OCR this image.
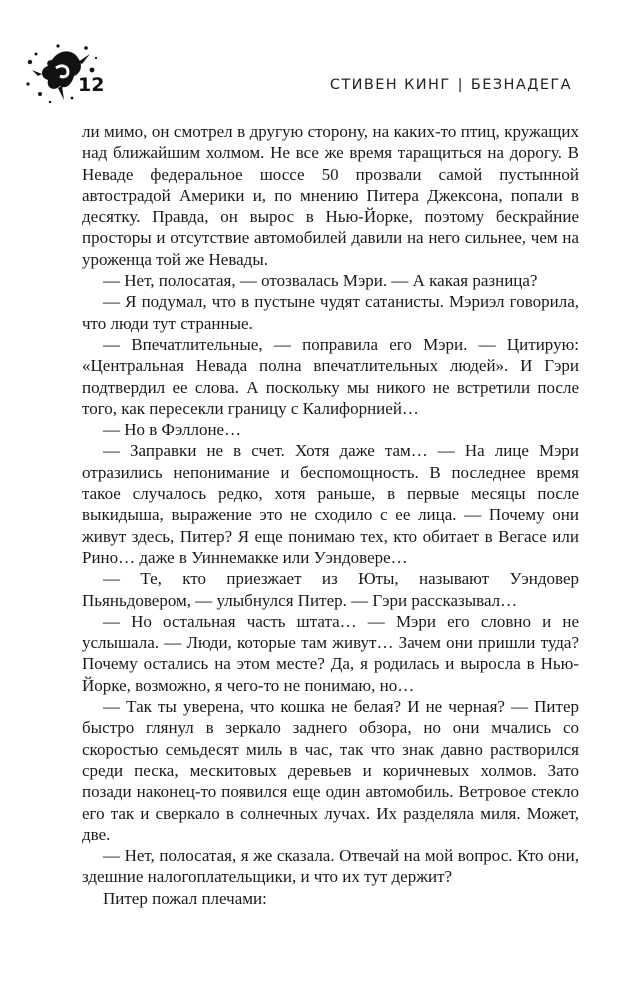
12	СТИВЕН КИНГ | БЕЗНАДЕГА

ли мимо, он смотрел в другую сторону, на каких-то птиц, кружащих над ближайшим холмом. Не все же время таращиться на дорогу. В Неваде федеральное шоссе 50 прозвали самой пустынной автострадой Америки и, по мнению Питера Джексона, попали в десятку. Правда, он вырос в Нью-Йорке, поэтому бескрайние просторы и отсутствие автомобилей давили на него сильнее, чем на уроженца той же Невады.

— Нет, полосатая, — отозвалась Мэри. — А какая разница?

— Я подумал, что в пустыне чудят сатанисты. Мэриэл говорила, что люди тут странные.

— Впечатлительные, — поправила его Мэри. — Цитирую: «Центральная Невада полна впечатлительных людей». И Гэри подтвердил ее слова. А поскольку мы никого не встретили после того, как пересекли границу с Калифорнией…

— Но в Фэллоне…

— Заправки не в счет. Хотя даже там… — На лице Мэри отразились непонимание и беспомощность. В последнее время такое случалось редко, хотя раньше, в первые месяцы после выкидыша, выражение это не сходило с ее лица. — Почему они живут здесь, Питер? Я еще понимаю тех, кто обитает в Вегасе или Рино… даже в Уиннемакке или Уэндовере…

— Те, кто приезжает из Юты, называют Уэндовер Пьяньдовером, — улыбнулся Питер. — Гэри рассказывал…

— Но остальная часть штата… — Мэри его словно и не услышала. — Люди, которые там живут… Зачем они пришли туда? Почему остались на этом месте? Да, я родилась и выросла в Нью-Йорке, возможно, я чего-то не понимаю, но…

— Так ты уверена, что кошка не белая? И не черная? — Питер быстро глянул в зеркало заднего обзора, но они мчались со скоростью семьдесят миль в час, так что знак давно растворился среди песка, мескитовых деревьев и коричневых холмов. Зато позади наконец-то появился еще один автомобиль. Ветровое стекло его так и сверкало в солнечных лучах. Их разделяла миля. Может, две.

— Нет, полосатая, я же сказала. Отвечай на мой вопрос. Кто они, здешние налогоплательщики, и что их тут держит?

Питер пожал плечами:
